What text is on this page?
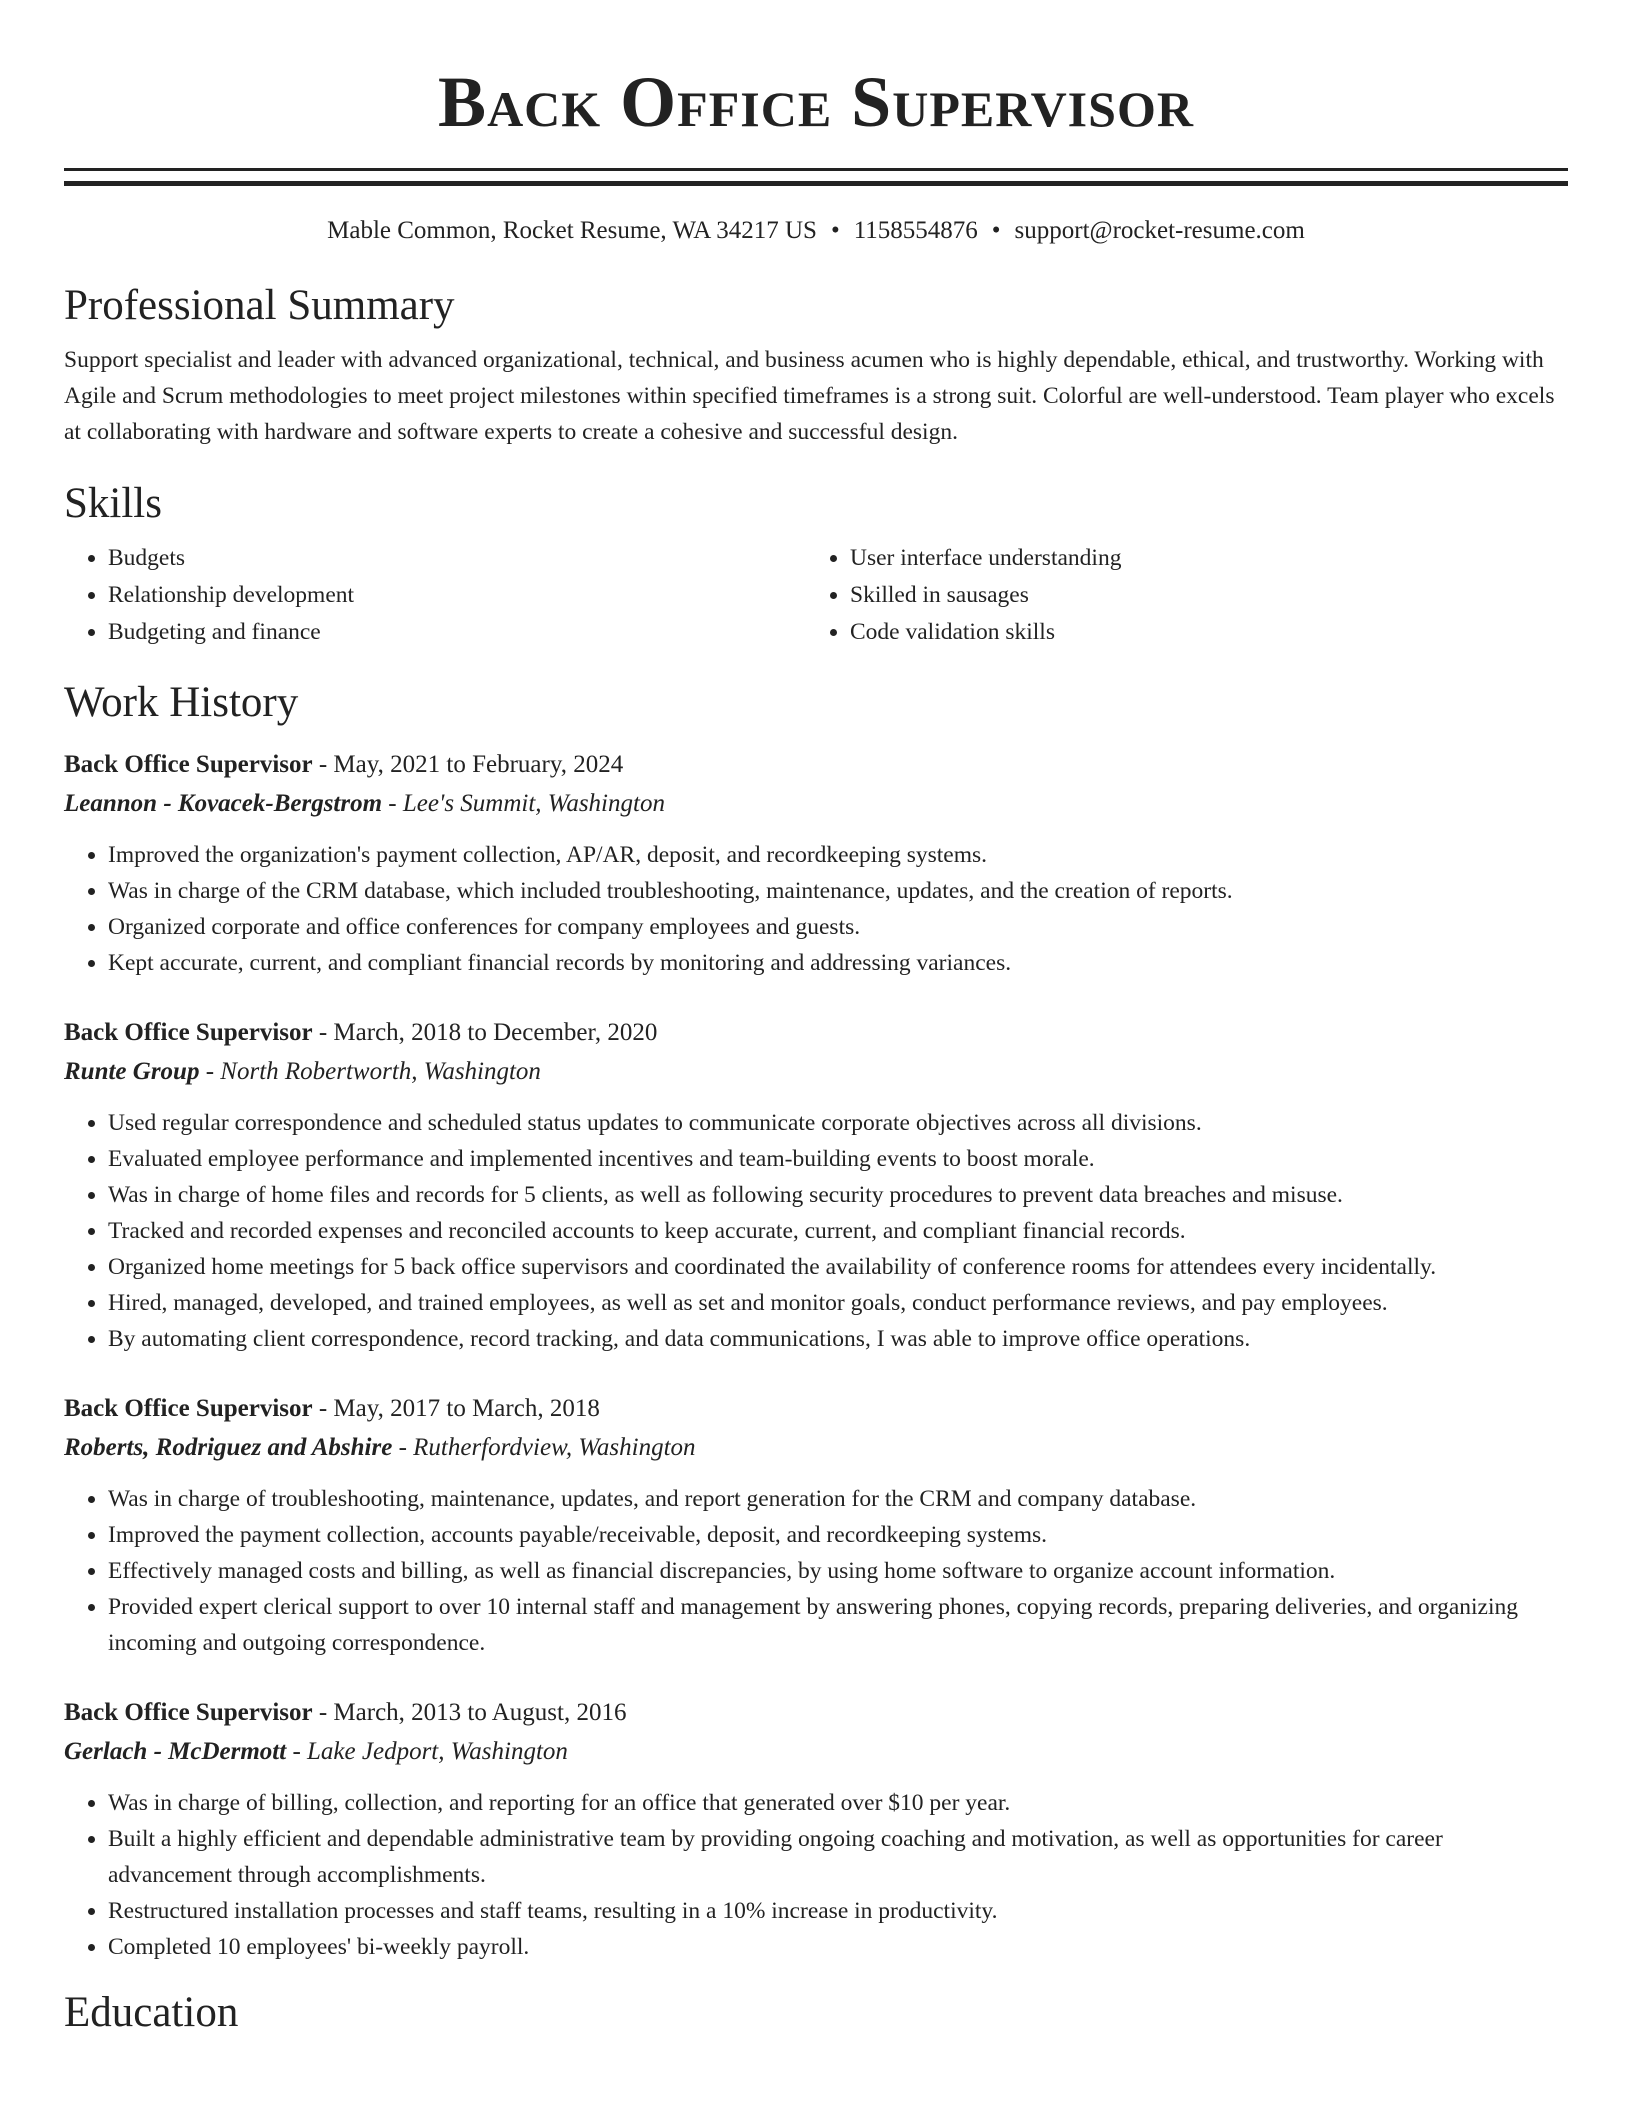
Back Office Supervisor
Mable Common, Rocket Resume, WA 34217 US • 1158554876 • support@rocket-resume.com
Professional Summary

Support specialist and leader with advanced organizational, technical, and business acumen who is highly dependable, ethical, and trustworthy. Working with Agile and Scrum methodologies to meet project milestones within specified timeframes is a strong suit. Colorful are well-understood. Team player who excels at collaborating with hardware and software experts to create a cohesive and successful design.

Skills
• Budgets
• Relationship development
• Budgeting and finance
• User interface understanding
• Skilled in sausages
• Code validation skills
Work History
Back Office Supervisor - May, 2021 to February, 2024
Leannon - Kovacek-Bergstrom - Lee's Summit, Washington
• Improved the organization's payment collection, AP/AR, deposit, and recordkeeping systems.
• Was in charge of the CRM database, which included troubleshooting, maintenance, updates, and the creation of reports.
• Organized corporate and office conferences for company employees and guests.
• Kept accurate, current, and compliant financial records by monitoring and addressing variances.
Back Office Supervisor - March, 2018 to December, 2020
Runte Group - North Robertworth, Washington
• Used regular correspondence and scheduled status updates to communicate corporate objectives across all divisions.
• Evaluated employee performance and implemented incentives and team-building events to boost morale.
• Was in charge of home files and records for 5 clients, as well as following security procedures to prevent data breaches and misuse.
• Tracked and recorded expenses and reconciled accounts to keep accurate, current, and compliant financial records.
• Organized home meetings for 5 back office supervisors and coordinated the availability of conference rooms for attendees every incidentally.
• Hired, managed, developed, and trained employees, as well as set and monitor goals, conduct performance reviews, and pay employees.
• By automating client correspondence, record tracking, and data communications, I was able to improve office operations.
Back Office Supervisor - May, 2017 to March, 2018
Roberts, Rodriguez and Abshire - Rutherfordview, Washington
• Was in charge of troubleshooting, maintenance, updates, and report generation for the CRM and company database.
• Improved the payment collection, accounts payable/receivable, deposit, and recordkeeping systems.
• Effectively managed costs and billing, as well as financial discrepancies, by using home software to organize account information.
• Provided expert clerical support to over 10 internal staff and management by answering phones, copying records, preparing deliveries, and organizing incoming and outgoing correspondence.
Back Office Supervisor - March, 2013 to August, 2016
Gerlach - McDermott - Lake Jedport, Washington
• Was in charge of billing, collection, and reporting for an office that generated over $10 per year.
• Built a highly efficient and dependable administrative team by providing ongoing coaching and motivation, as well as opportunities for career advancement through accomplishments.
• Restructured installation processes and staff teams, resulting in a 10% increase in productivity.
• Completed 10 employees' bi-weekly payroll.
Education
